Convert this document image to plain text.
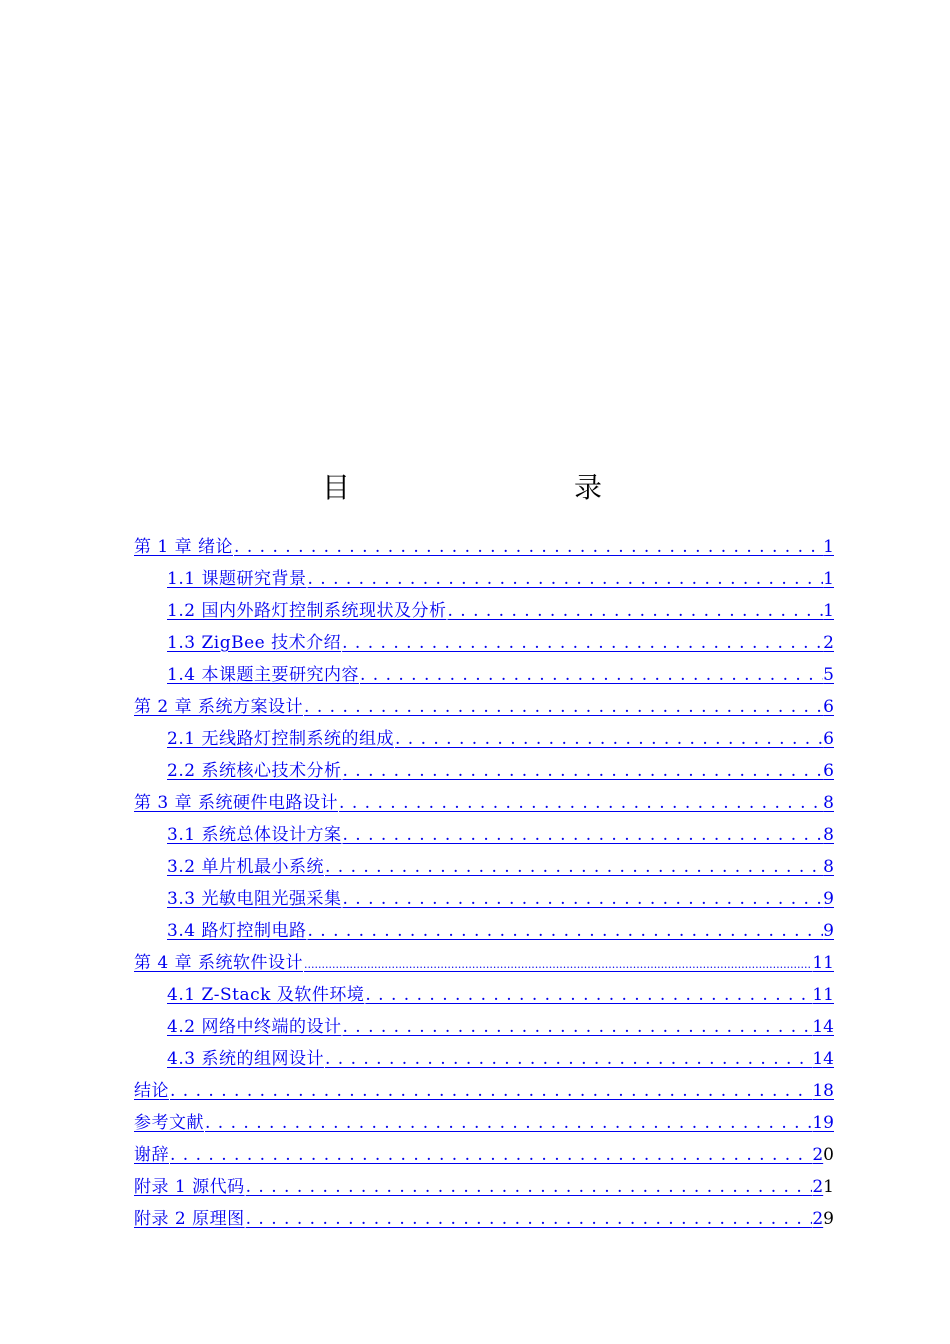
目　　录
第 1 章 绪论 . . .	1
1.1 课题研究背景 . . .	1
1.2 国内外路灯控制系统现状及分析 . . .	1
1.3 ZigBee 技术介绍 . . .	2
1.4 本课题主要研究内容 . . .	5
第 2 章 系统方案设计 . . .	6
2.1 无线路灯控制系统的组成 . . .	6
2.2 系统核心技术分析 . . .	6
第 3 章 系统硬件电路设计 . . .	8
3.1 系统总体设计方案 . . .	8
3.2 单片机最小系统 . . .	8
3.3 光敏电阻光强采集 . . .	9
3.4 路灯控制电路 . . .	9
第 4 章 系统软件设计 .....	11
4.1 Z-Stack 及软件环境 . . .	11
4.2 网络中终端的设计 . . .	14
4.3 系统的组网设计 . . .	14
结论 . . .	18
参考文献 . . .	19
谢辞 . . .	20
附录 1 源代码 . . .	21
附录 2 原理图 . . .	29
